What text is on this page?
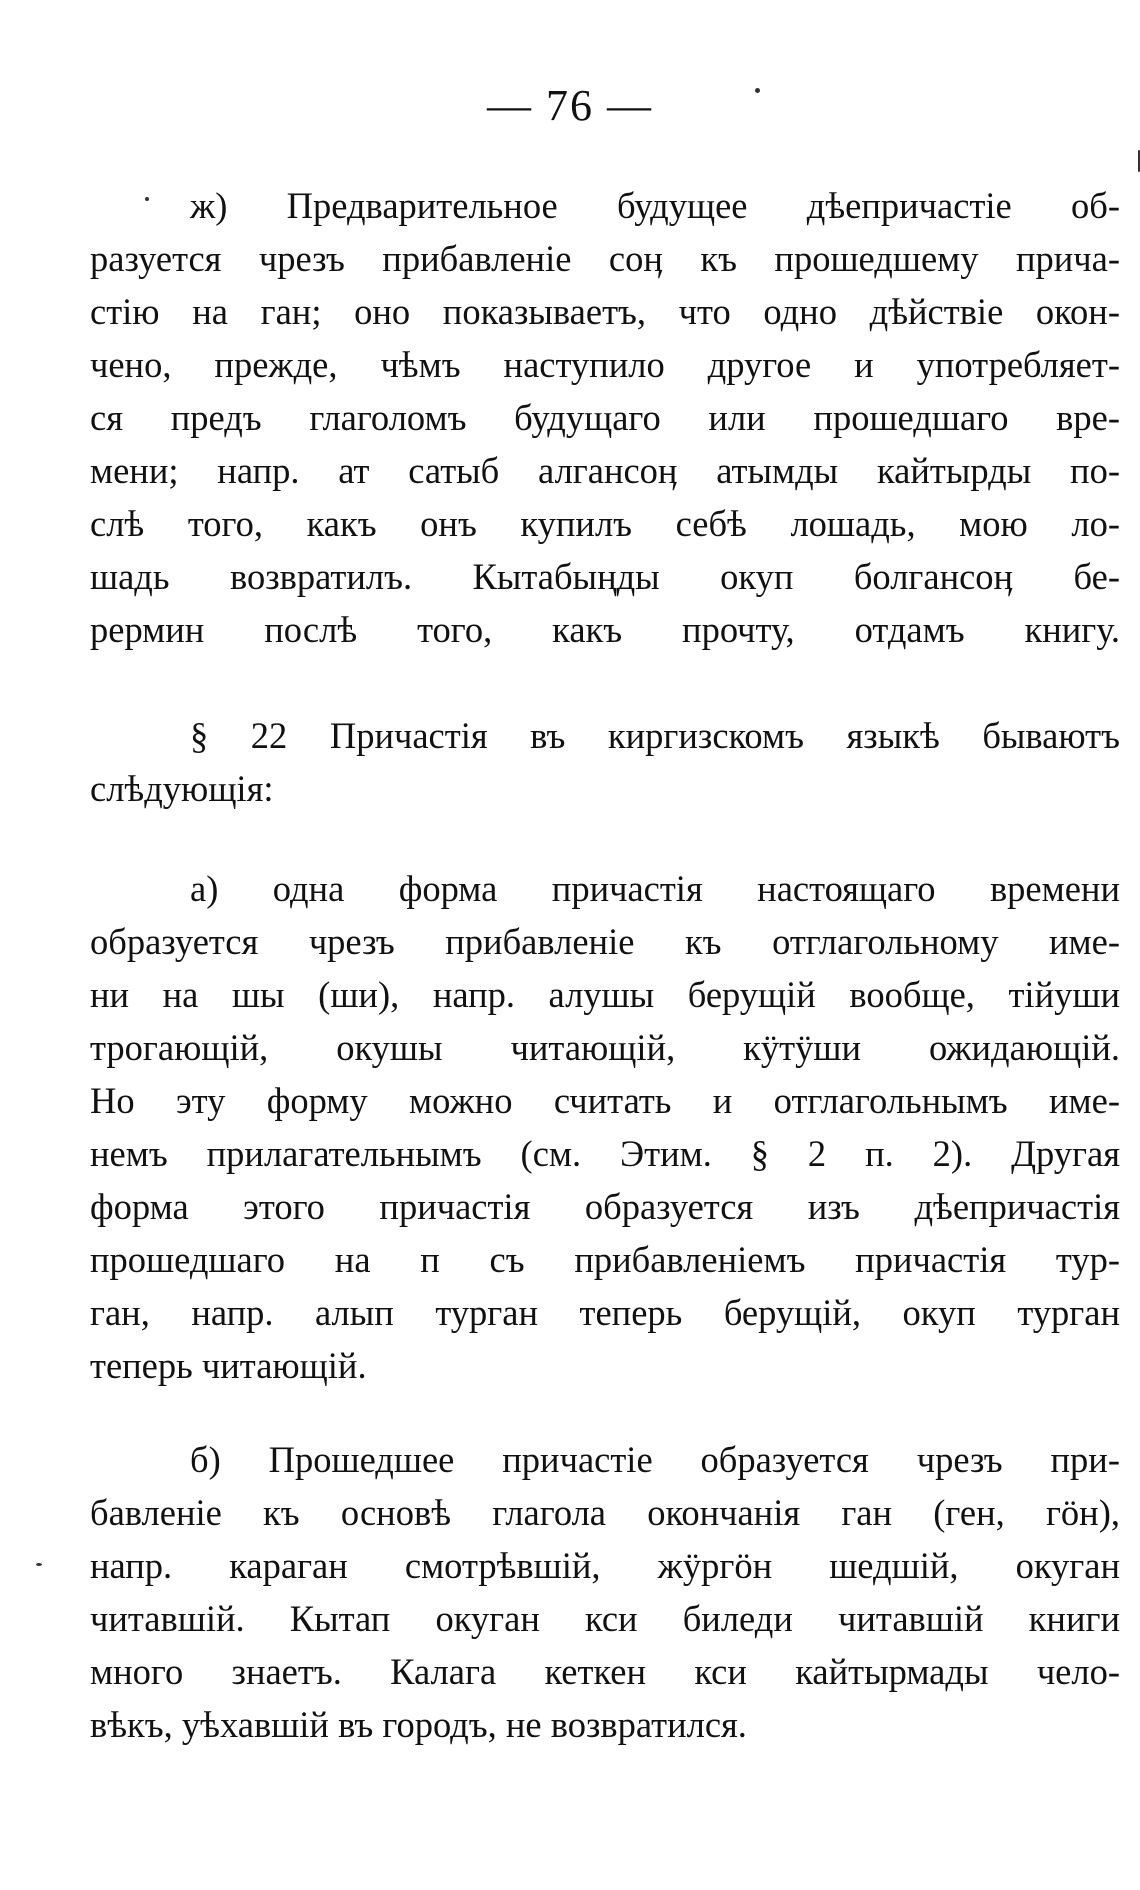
— 76 —
ж) Предварительное будущее дѣепричастіе об-
разуется чрезъ прибавленіе соӊ къ прошедшему прича-
стію на ган; оно показываетъ, что одно дѣйствіе окон-
чено, прежде, чѣмъ наступило другое и употребляет-
ся предъ глаголомъ будущаго или прошедшаго вре-
мени; напр. ат сатыб алгансоӊ атымды кайтырды по-
слѣ того, какъ онъ купилъ себѣ лошадь, мою ло-
шадь возвратилъ. Кытабыңды окуп болгансоӊ бе-
рермин послѣ того, какъ прочту, отдамъ книгу.
§ 22 Причастія въ киргизскомъ языкѣ бываютъ
слѣдующія:
а) одна форма причастія настоящаго времени
образуется чрезъ прибавленіе къ отглагольному име-
ни на шы (ши), напр. алушы берущій вообще, тійуши
трогающій, окушы читающій, кÿтÿши ожидающій.
Но эту форму можно считать и отглагольнымъ име-
немъ прилагательнымъ (см. Этим. § 2 п. 2). Другая
форма этого причастія образуется изъ дѣепричастія
прошедшаго на п съ прибавленіемъ причастія тур-
ган, напр. алып турган теперь берущій, окуп турган
теперь читающій.
б) Прошедшее причастіе образуется чрезъ при-
бавленіе къ основѣ глагола окончанія ган (ген, гöн),
напр. караган смотрѣвшій, жÿргöн шедшій, окуган
читавшій. Кытап окуган кси биледи читавшій книги
много знаетъ. Калага кеткен кси кайтырмады чело-
вѣкъ, уѣхавшій въ городъ, не возвратился.
